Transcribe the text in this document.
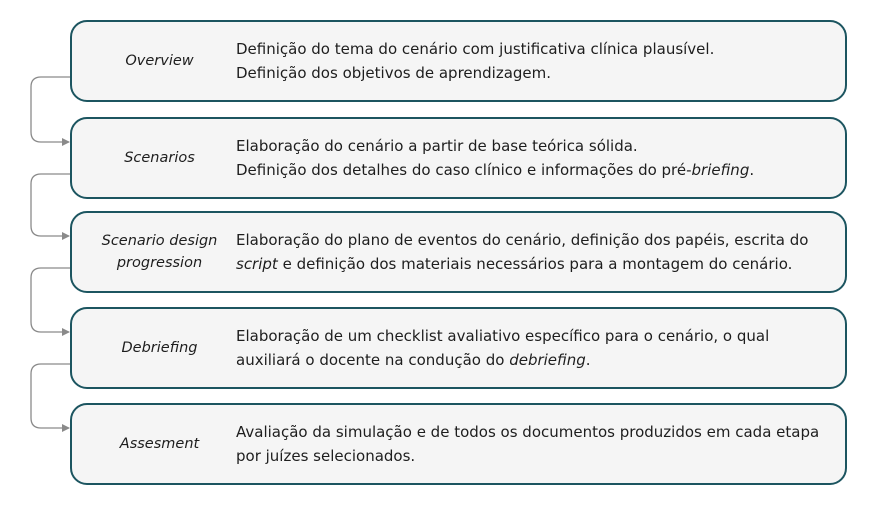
Overview
Definição do tema do cenário com justificativa clínica plausível.
Definição dos objetivos de aprendizagem.
Scenarios
Elaboração do cenário a partir de base teórica sólida.
Definição dos detalhes do caso clínico e informações do pré-briefing.
Scenario design
progression
Elaboração do plano de eventos do cenário, definição dos papéis, escrita do
script e definição dos materiais necessários para a montagem do cenário.
Debriefing
Elaboração de um checklist avaliativo específico para o cenário, o qual
auxiliará o docente na condução do debriefing.
Assesment
Avaliação da simulação e de todos os documentos produzidos em cada etapa
por juízes selecionados.
